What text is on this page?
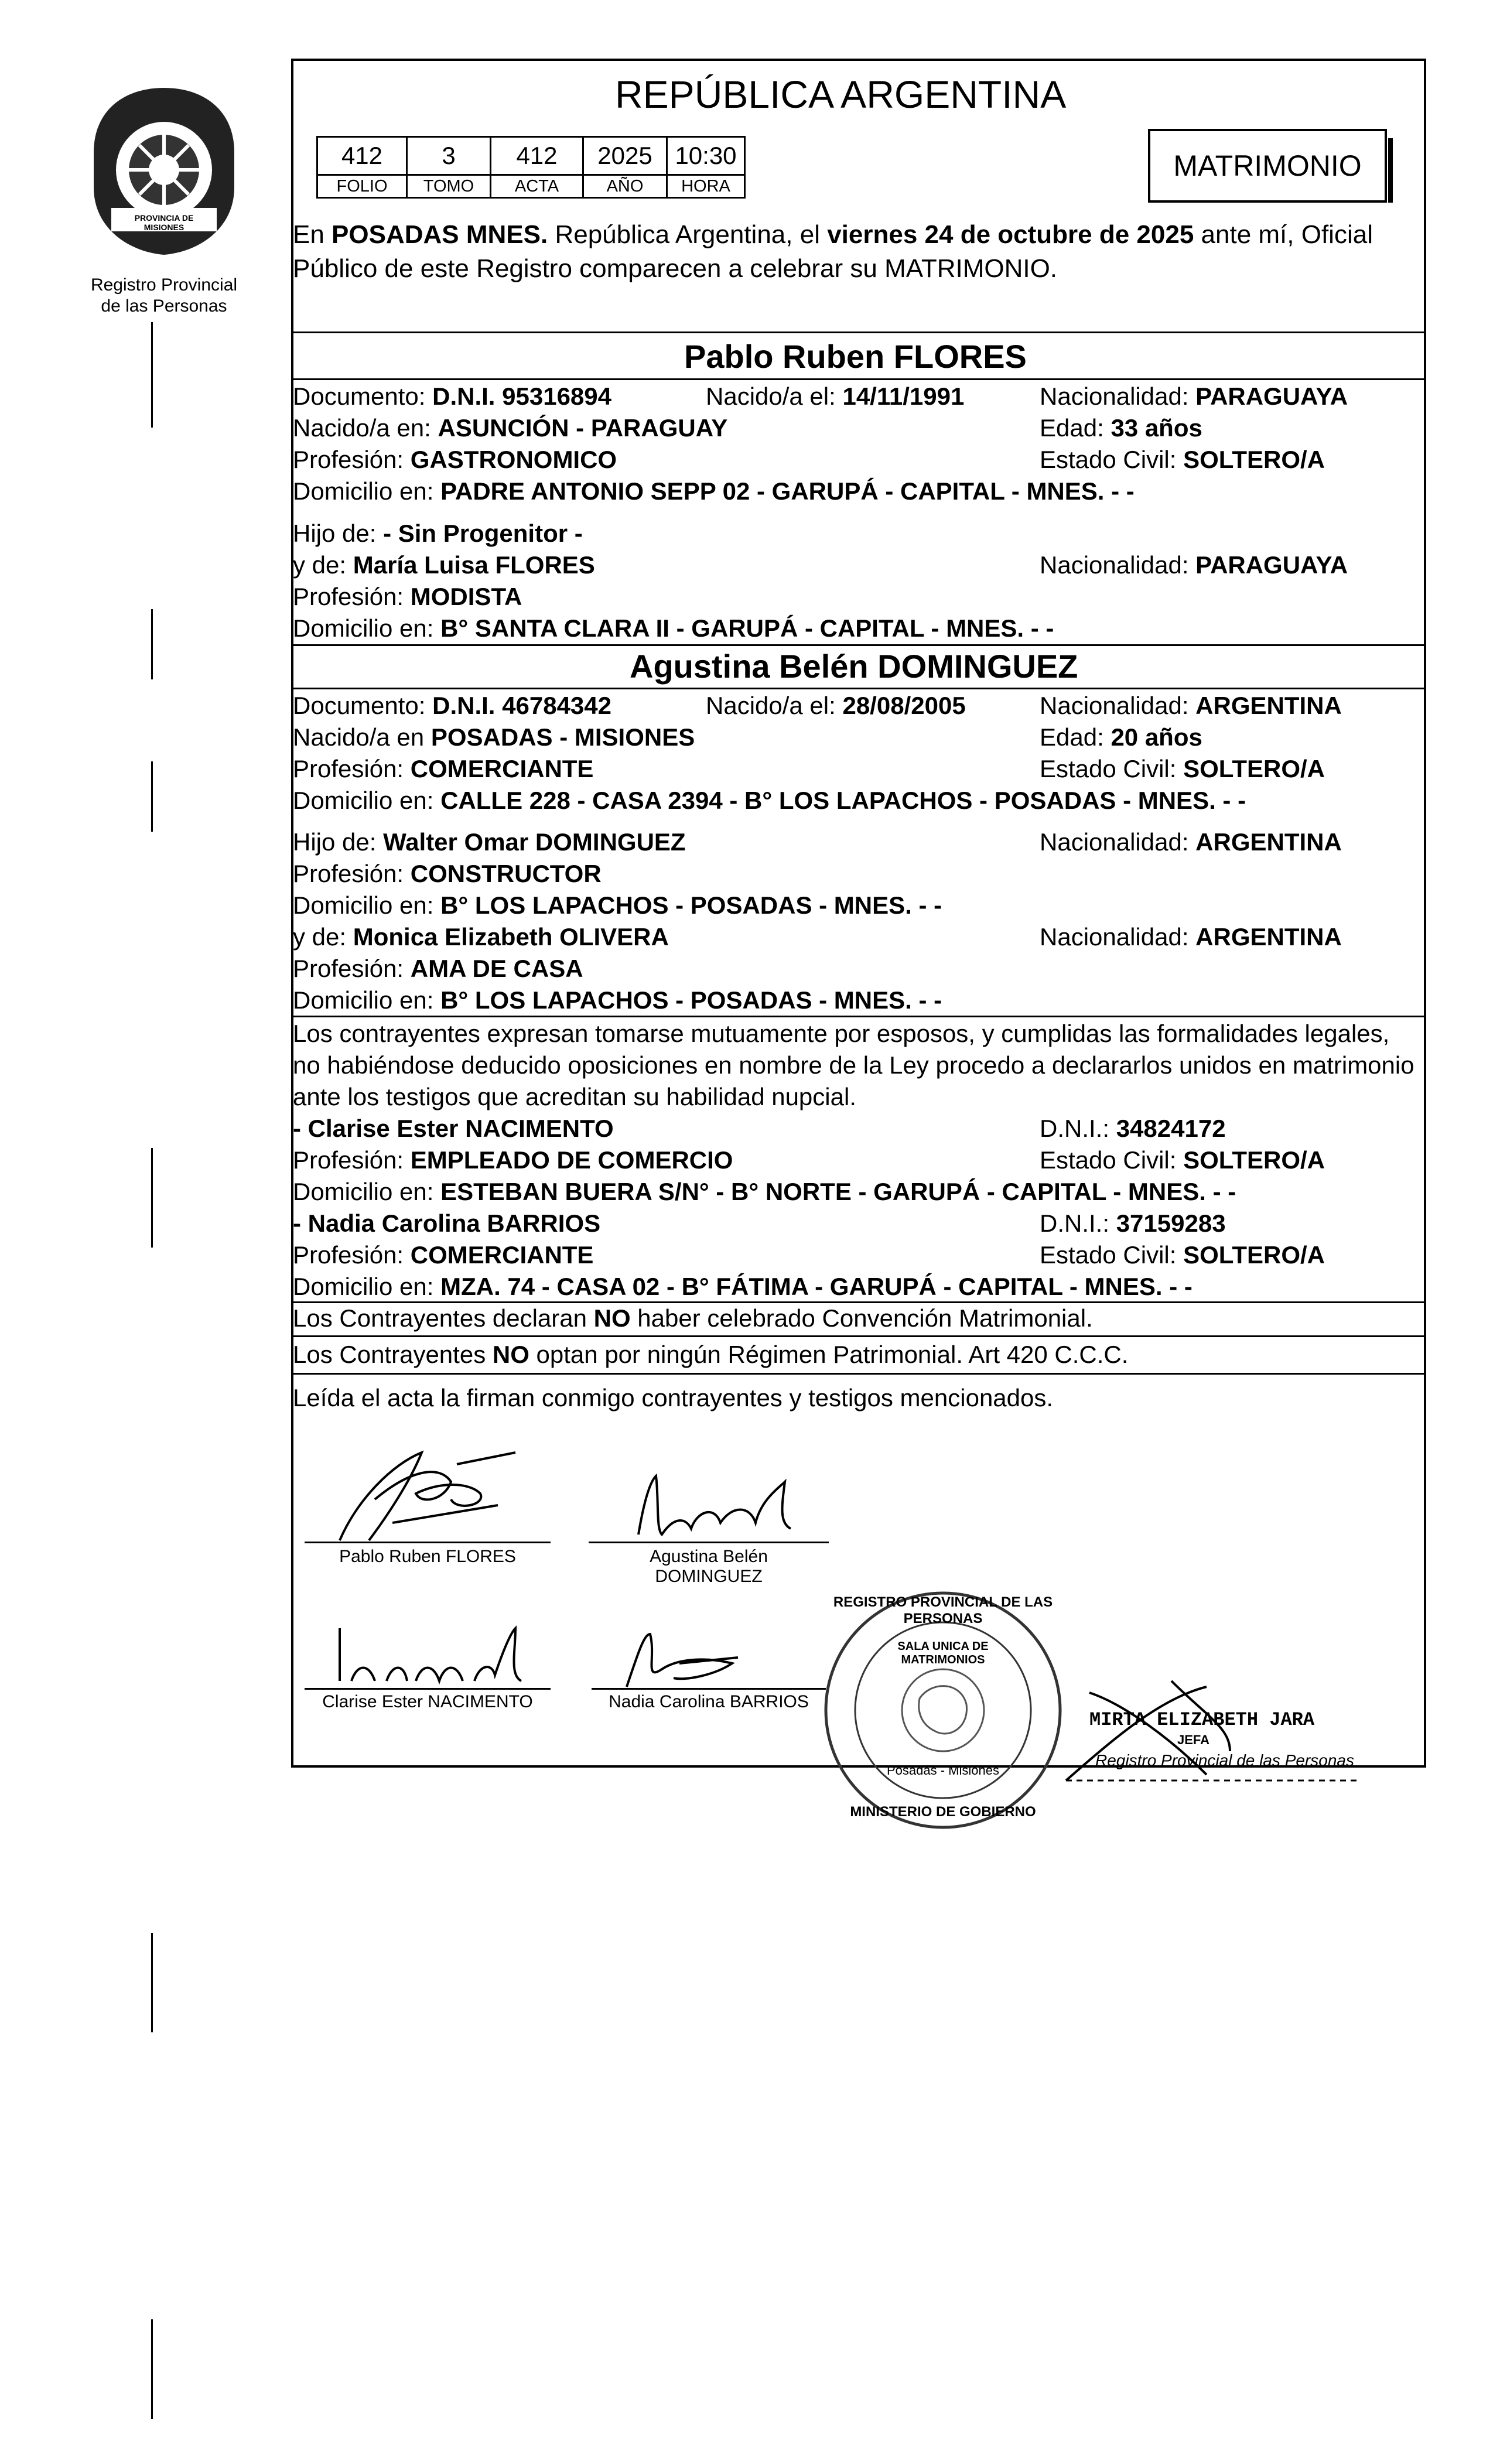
PROVINCIA DE MISIONES
Registro Provincial
de las Personas
REPÚBLICA ARGENTINA
412	3	412	2025	10:30
FOLIO	TOMO	ACTA	AÑO	HORA
MATRIMONIO
En POSADAS MNES. República Argentina, el viernes 24 de octubre de 2025 ante mí, Oficial Público de este Registro comparecen a celebrar su MATRIMONIO.
Pablo Ruben FLORES
Documento: D.N.I. 95316894	Nacido/a el: 14/11/1991	Nacionalidad: PARAGUAYA
Nacido/a en: ASUNCIÓN - PARAGUAY	Edad: 33 años
Profesión: GASTRONOMICO	Estado Civil: SOLTERO/A
Domicilio en: PADRE ANTONIO SEPP 02 - GARUPÁ - CAPITAL - MNES. - -
Hijo de: - Sin Progenitor -
y de: María Luisa FLORES	Nacionalidad: PARAGUAYA
Profesión: MODISTA
Domicilio en: B° SANTA CLARA II - GARUPÁ - CAPITAL - MNES. - -
Agustina Belén DOMINGUEZ
Documento: D.N.I. 46784342	Nacido/a el: 28/08/2005	Nacionalidad: ARGENTINA
Nacido/a en POSADAS - MISIONES	Edad: 20 años
Profesión: COMERCIANTE	Estado Civil: SOLTERO/A
Domicilio en: CALLE 228 - CASA 2394 - B° LOS LAPACHOS - POSADAS - MNES. - -
Hijo de: Walter Omar DOMINGUEZ	Nacionalidad: ARGENTINA
Profesión: CONSTRUCTOR
Domicilio en: B° LOS LAPACHOS - POSADAS - MNES. - -
y de: Monica Elizabeth OLIVERA	Nacionalidad: ARGENTINA
Profesión: AMA DE CASA
Domicilio en: B° LOS LAPACHOS - POSADAS - MNES. - -
Los contrayentes expresan tomarse mutuamente por esposos, y cumplidas las formalidades legales, no habiéndose deducido oposiciones en nombre de la Ley procedo a declararlos unidos en matrimonio ante los testigos que acreditan su habilidad nupcial.
- Clarise Ester NACIMENTO	D.N.I.: 34824172
Profesión: EMPLEADO DE COMERCIO	Estado Civil: SOLTERO/A
Domicilio en: ESTEBAN BUERA S/N° - B° NORTE - GARUPÁ - CAPITAL - MNES. - -
- Nadia Carolina BARRIOS	D.N.I.: 37159283
Profesión: COMERCIANTE	Estado Civil: SOLTERO/A
Domicilio en: MZA. 74 - CASA 02 - B° FÁTIMA - GARUPÁ - CAPITAL - MNES. - -
Los Contrayentes declaran NO haber celebrado Convención Matrimonial.
Los Contrayentes NO optan por ningún Régimen Patrimonial. Art 420 C.C.C.
Leída el acta la firman conmigo contrayentes y testigos mencionados.
Pablo Ruben FLORES	Agustina Belén
DOMINGUEZ
Clarise Ester NACIMENTO	Nadia Carolina BARRIOS
REGISTRO PROVINCIAL DE LAS PERSONAS
SALA UNICA DE MATRIMONIOS
Posadas - Misiones
MINISTERIO DE GOBIERNO
MIRTA ELIZABETH JARA
JEFA
Registro Provincial de las Personas
